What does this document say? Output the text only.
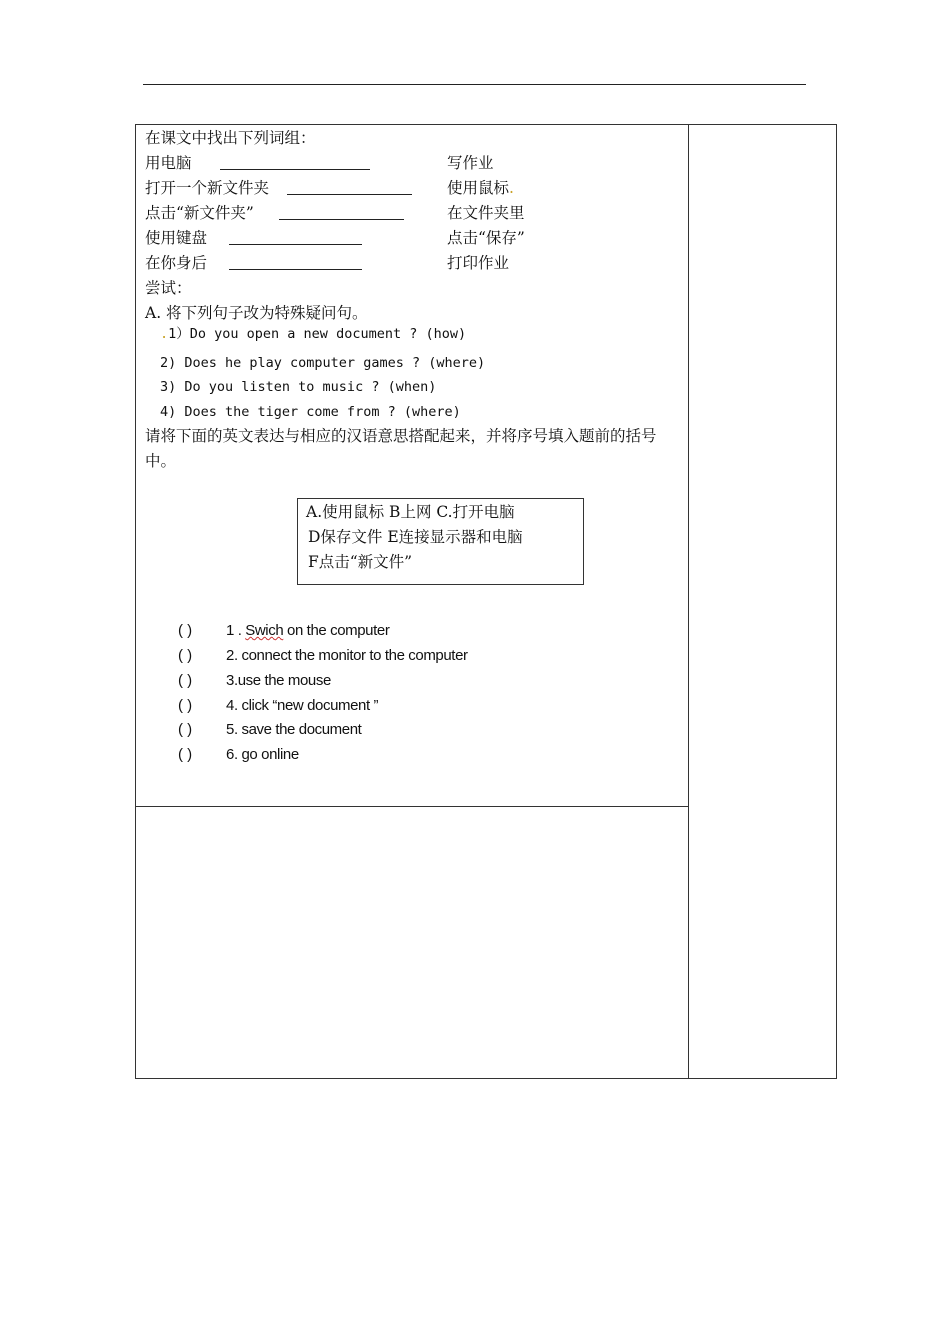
在课文中找出下列词组：
用电脑	写作业
打开一个新文件夹	使用鼠标.
点击“新文件夹”	在文件夹里
使用键盘	点击“保存”
在你身后	打印作业
尝试：
A. 将下列句子改为特殊疑问句。
.1）Do you open a new document ? (how)
2) Does he play computer games ? (where)
3) Do you listen to music ? (when)
4) Does the tiger come from ? (where)
请将下面的英文表达与相应的汉语意思搭配起来，并将序号填入题前的括号中。
A.使用鼠标 B上网 C.打开电脑
D保存文件 E连接显示器和电脑
F点击“新文件”
( ) 1 . Swich on the computer
( ) 2. connect the monitor to the computer
( ) 3.use the mouse
( ) 4. click “new document ”
( ) 5. save the document
( ) 6. go online
